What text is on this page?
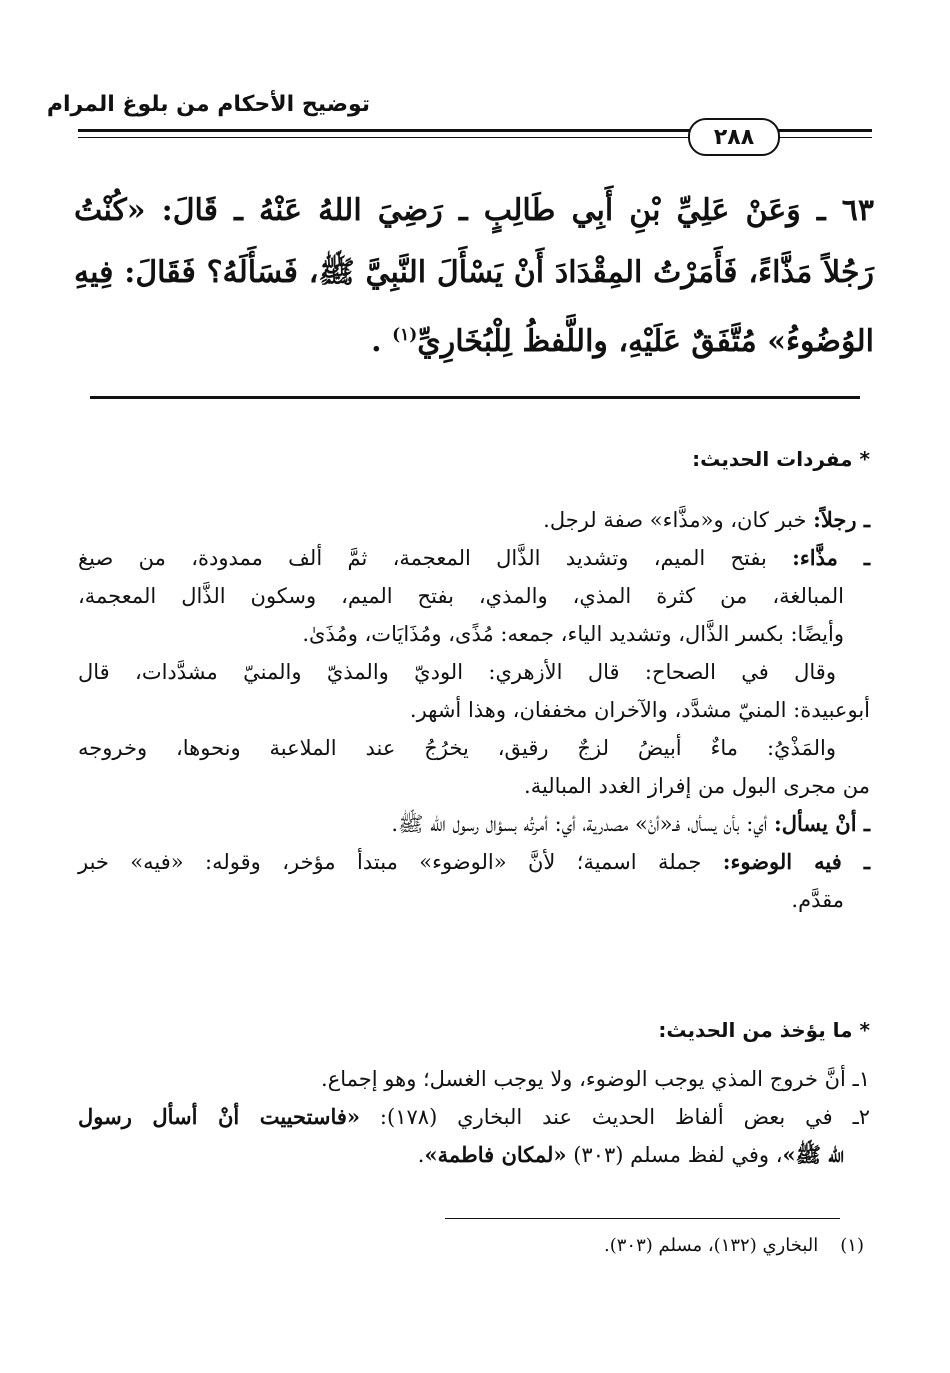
توضيح الأحكام من بلوغ المرام
٢٨٨
٦٣ ـ وَعَنْ عَلِيِّ بْنِ أَبِي طَالِبٍ ـ رَضِيَ اللهُ عَنْهُ ـ قَالَ: «كُنْتُ
رَجُلاً مَذَّاءً، فَأَمَرْتُ المِقْدَادَ أَنْ يَسْأَلَ النَّبِيَّ ﷺ، فَسَأَلَهُ؟ فَقَالَ: فِيهِ
الوُضُوءُ» مُتَّفَقٌ عَلَيْهِ، واللَّفظُ لِلْبُخَارِيِّ$^{(١)}$ .
* مفردات الحديث:
ـ رجلاً: خبر كان، و«مذَّاء» صفة لرجل.
ـ مذَّاء: بفتح الميم، وتشديد الذَّال المعجمة، ثمَّ ألف ممدودة، من صيغ
المبالغة، من كثرة المذي، والمذي، بفتح الميم، وسكون الذَّال المعجمة،
وأيضًا: بكسر الذَّال، وتشديد الياء، جمعه: مُذًى، ومُذَايَات، ومُذَىٰ.
وقال في الصحاح: قال الأزهري: الوديّ والمذيّ والمنيّ مشدَّدات، قال
أبوعبيدة: المنيّ مشدَّد، والآخران مخففان، وهذا أشهر.
والمَذْيُ: ماءٌ أبيضُ لزجٌ رقيق، يخرُجُ عند الملاعبة ونحوها، وخروجه
من مجرى البول من إفراز الغدد المبالية.
ـ أنْ يسأل: أي: بأن يسأل، فـ«أنْ» مصدرية، أي: أمرتُه بسؤال رسول الله ﷺ.
ـ فيه الوضوء: جملة اسمية؛ لأنَّ «الوضوء» مبتدأ مؤخر، وقوله: «فيه» خبر
مقدَّم.
* ما يؤخذ من الحديث:
١ـ أنَّ خروج المذي يوجب الوضوء، ولا يوجب الغسل؛ وهو إجماع.
٢ـ في بعض ألفاظ الحديث عند البخاري (١٧٨): «فاستحييت أنْ أسأل رسول
الله ﷺ»، وفي لفظ مسلم (٣٠٣) «لمكان فاطمة».
(١)البخاري (١٣٢)، مسلم (٣٠٣).
